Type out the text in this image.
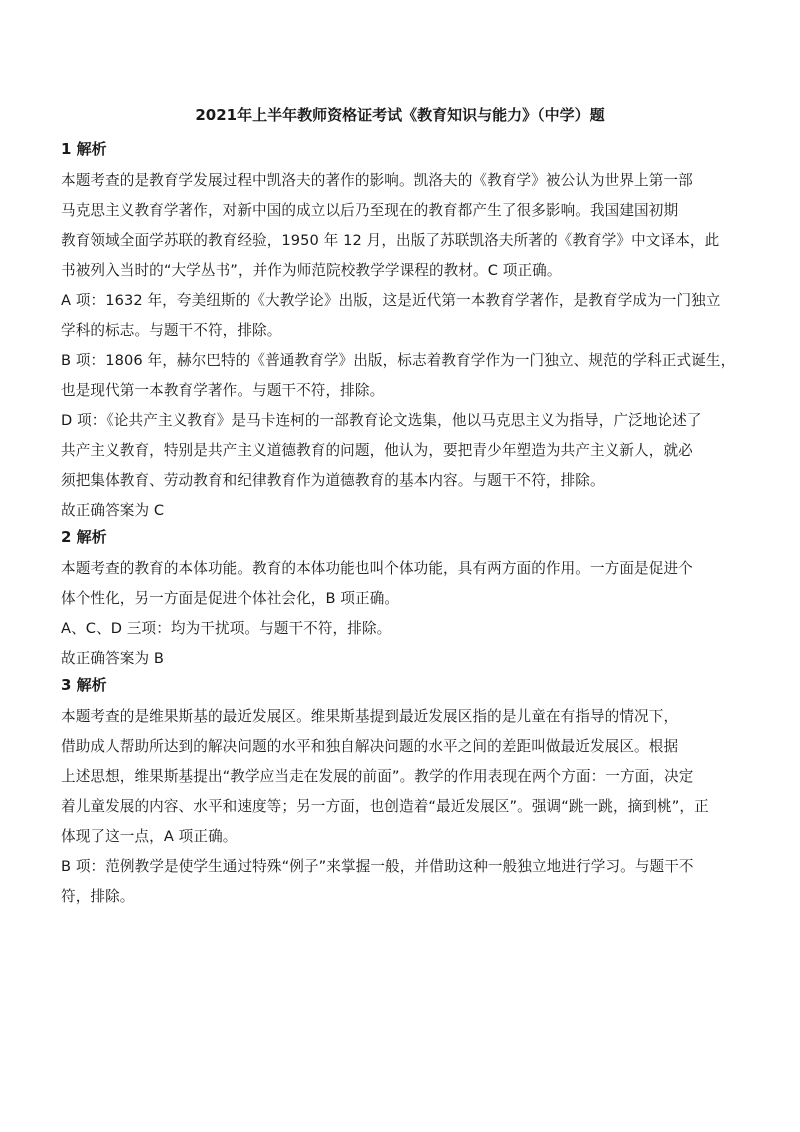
2021年上半年教师资格证考试《教育知识与能力》（中学）题
1 解析
本题考查的是教育学发展过程中凯洛夫的著作的影响。凯洛夫的《教育学》被公认为世界上第一部
马克思主义教育学著作，对新中国的成立以后乃至现在的教育都产生了很多影响。我国建国初期
教育领域全面学苏联的教育经验，1950 年 12 月，出版了苏联凯洛夫所著的《教育学》中文译本，此
书被列入当时的“大学丛书”，并作为师范院校教学学课程的教材。C 项正确。
A 项：1632 年，夸美纽斯的《大教学论》出版，这是近代第一本教育学著作，是教育学成为一门独立
学科的标志。与题干不符，排除。
B 项：1806 年，赫尔巴特的《普通教育学》出版，标志着教育学作为一门独立、规范的学科正式诞生，
也是现代第一本教育学著作。与题干不符，排除。
D 项：《论共产主义教育》是马卡连柯的一部教育论文选集，他以马克思主义为指导，广泛地论述了
共产主义教育，特别是共产主义道德教育的问题，他认为，要把青少年塑造为共产主义新人，就必
须把集体教育、劳动教育和纪律教育作为道德教育的基本内容。与题干不符，排除。
故正确答案为 C
2 解析
本题考查的教育的本体功能。教育的本体功能也叫个体功能，具有两方面的作用。一方面是促进个
体个性化，另一方面是促进个体社会化，B 项正确。
A、C、D 三项：均为干扰项。与题干不符，排除。
故正确答案为 B
3 解析
本题考查的是维果斯基的最近发展区。维果斯基提到最近发展区指的是儿童在有指导的情况下，
借助成人帮助所达到的解决问题的水平和独自解决问题的水平之间的差距叫做最近发展区。根据
上述思想，维果斯基提出“教学应当走在发展的前面”。教学的作用表现在两个方面：一方面，决定
着儿童发展的内容、水平和速度等；另一方面，也创造着“最近发展区”。强调“跳一跳，摘到桃”，正
体现了这一点，A 项正确。
B 项：范例教学是使学生通过特殊“例子”来掌握一般，并借助这种一般独立地进行学习。与题干不
符，排除。
